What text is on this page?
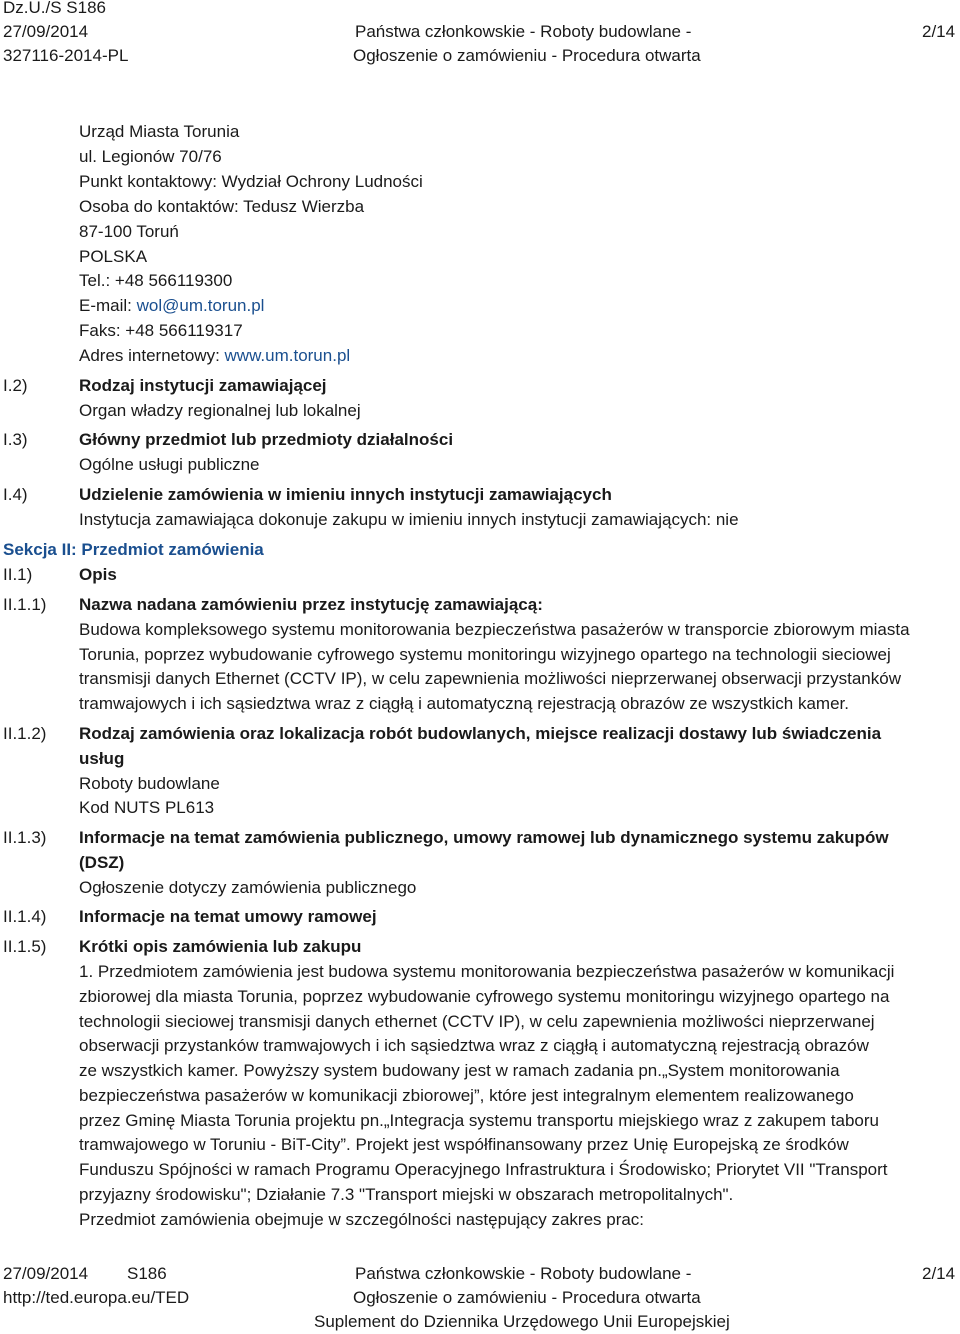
Dz.U./S S186
27/09/2014
327116-2014-PL
Państwa członkowskie - Roboty budowlane -
Ogłoszenie o zamówieniu - Procedura otwarta
2/14
Urząd Miasta Torunia
ul. Legionów 70/76
Punkt kontaktowy: Wydział Ochrony Ludności
Osoba do kontaktów: Tedusz Wierzba
87-100 Toruń
POLSKA
Tel.: +48 566119300
E-mail: wol@um.torun.pl
Faks: +48 566119317
Adres internetowy: www.um.torun.pl
I.2)	Rodzaj instytucji zamawiającej
Organ władzy regionalnej lub lokalnej
I.3)	Główny przedmiot lub przedmioty działalności
Ogólne usługi publiczne
I.4)	Udzielenie zamówienia w imieniu innych instytucji zamawiających
Instytucja zamawiająca dokonuje zakupu w imieniu innych instytucji zamawiających: nie
Sekcja II: Przedmiot zamówienia
II.1)	Opis
II.1.1) Nazwa nadana zamówieniu przez instytucję zamawiającą:
Budowa kompleksowego systemu monitorowania bezpieczeństwa pasażerów w transporcie zbiorowym miasta
Torunia, poprzez wybudowanie cyfrowego systemu monitoringu wizyjnego opartego na technologii sieciowej
transmisji danych Ethernet (CCTV IP), w celu zapewnienia możliwości nieprzerwanej obserwacji przystanków
tramwajowych i ich sąsiedztwa wraz z ciągłą i automatyczną rejestracją obrazów ze wszystkich kamer.
II.1.2) Rodzaj zamówienia oraz lokalizacja robót budowlanych, miejsce realizacji dostawy lub świadczenia
usług
Roboty budowlane
Kod NUTS PL613
II.1.3) Informacje na temat zamówienia publicznego, umowy ramowej lub dynamicznego systemu zakupów
(DSZ)
Ogłoszenie dotyczy zamówienia publicznego
II.1.4) Informacje na temat umowy ramowej
II.1.5) Krótki opis zamówienia lub zakupu
1. Przedmiotem zamówienia jest budowa systemu monitorowania bezpieczeństwa pasażerów w komunikacji
zbiorowej dla miasta Torunia, poprzez wybudowanie cyfrowego systemu monitoringu wizyjnego opartego na
technologii sieciowej transmisji danych ethernet (CCTV IP), w celu zapewnienia możliwości nieprzerwanej
obserwacji przystanków tramwajowych i ich sąsiedztwa wraz z ciągłą i automatyczną rejestracją obrazów
ze wszystkich kamer. Powyższy system budowany jest w ramach zadania pn.„System monitorowania
bezpieczeństwa pasażerów w komunikacji zbiorowej”, które jest integralnym elementem realizowanego
przez Gminę Miasta Torunia projektu pn.„Integracja systemu transportu miejskiego wraz z zakupem taboru
tramwajowego w Toruniu - BiT-City”. Projekt jest współfinansowany przez Unię Europejską ze środków
Funduszu Spójności w ramach Programu Operacyjnego Infrastruktura i Środowisko; Priorytet VII "Transport
przyjazny środowisku"; Działanie 7.3 "Transport miejski w obszarach metropolitalnych".
Przedmiot zamówienia obejmuje w szczególności następujący zakres prac:
27/09/2014 S186
http://ted.europa.eu/TED
Państwa członkowskie - Roboty budowlane -
Ogłoszenie o zamówieniu - Procedura otwarta
Suplement do Dziennika Urzędowego Unii Europejskiej
2/14
